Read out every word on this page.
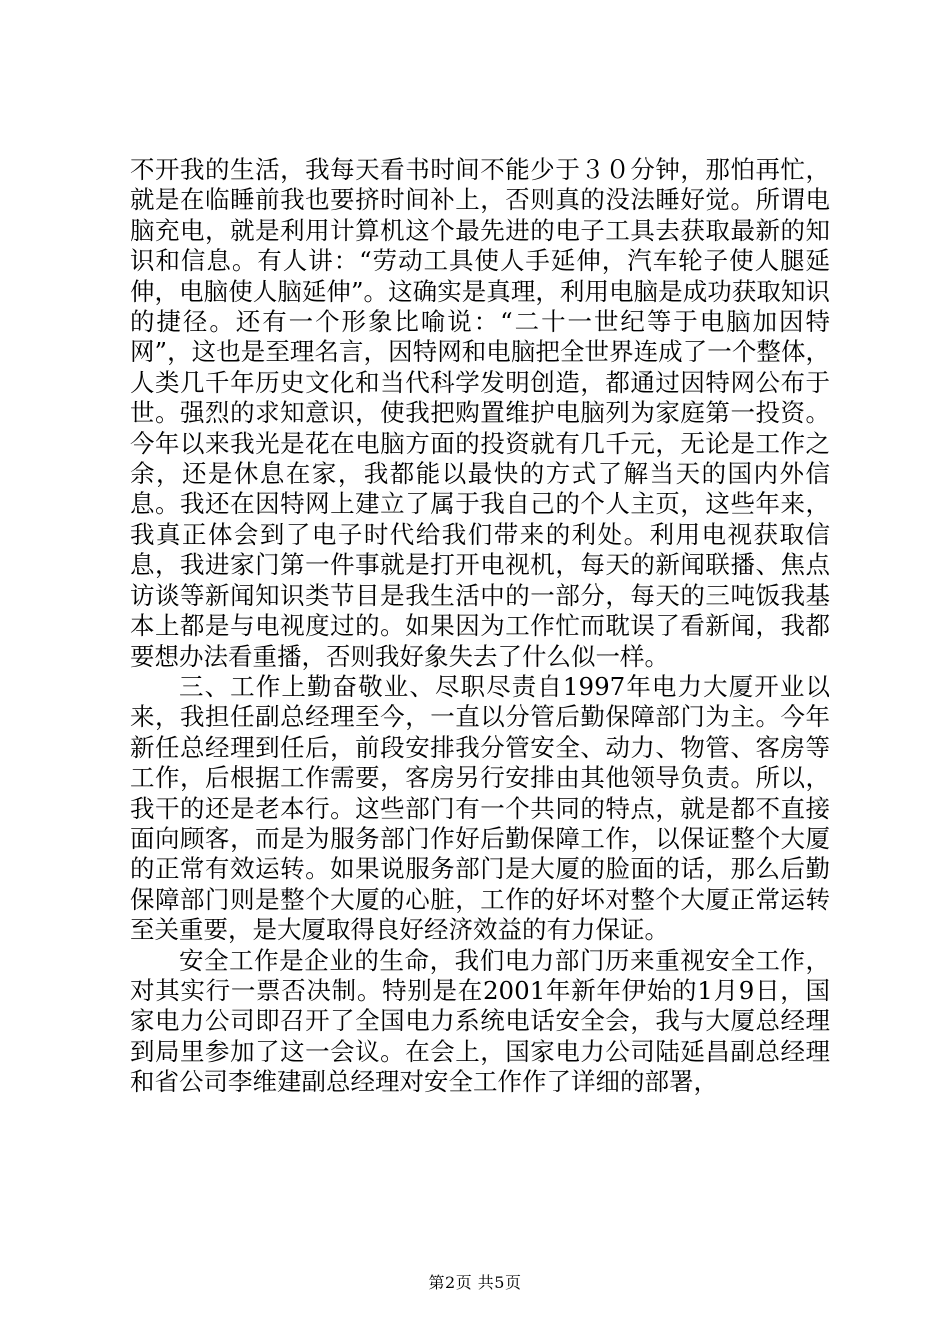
不开我的生活，我每天看书时间不能少于３０分钟，那怕再忙，就是在临睡前我也要挤时间补上，否则真的没法睡好觉。所谓电脑充电，就是利用计算机这个最先进的电子工具去获取最新的知识和信息。有人讲：“劳动工具使人手延伸，汽车轮子使人腿延伸，电脑使人脑延伸”。这确实是真理，利用电脑是成功获取知识的捷径。还有一个形象比喻说：“二十一世纪等于电脑加因特网”，这也是至理名言，因特网和电脑把全世界连成了一个整体，人类几千年历史文化和当代科学发明创造，都通过因特网公布于世。强烈的求知意识，使我把购置维护电脑列为家庭第一投资。今年以来我光是花在电脑方面的投资就有几千元，无论是工作之余，还是休息在家，我都能以最快的方式了解当天的国内外信息。我还在因特网上建立了属于我自己的个人主页，这些年来，我真正体会到了电子时代给我们带来的利处。利用电视获取信息，我进家门第一件事就是打开电视机，每天的新闻联播、焦点访谈等新闻知识类节目是我生活中的一部分，每天的三吨饭我基本上都是与电视度过的。如果因为工作忙而耽误了看新闻，我都要想办法看重播，否则我好象失去了什么似一样。

三、工作上勤奋敬业、尽职尽责自1997年电力大厦开业以来，我担任副总经理至今，一直以分管后勤保障部门为主。今年新任总经理到任后，前段安排我分管安全、动力、物管、客房等工作，后根据工作需要，客房另行安排由其他领导负责。所以，我干的还是老本行。这些部门有一个共同的特点，就是都不直接面向顾客，而是为服务部门作好后勤保障工作，以保证整个大厦的正常有效运转。如果说服务部门是大厦的脸面的话，那么后勤保障部门则是整个大厦的心脏，工作的好坏对整个大厦正常运转至关重要，是大厦取得良好经济效益的有力保证。

安全工作是企业的生命，我们电力部门历来重视安全工作，对其实行一票否决制。特别是在2001年新年伊始的1月9日，国家电力公司即召开了全国电力系统电话安全会，我与大厦总经理到局里参加了这一会议。在会上，国家电力公司陆延昌副总经理和省公司李维建副总经理对安全工作作了详细的部署，

第2页 共5页
